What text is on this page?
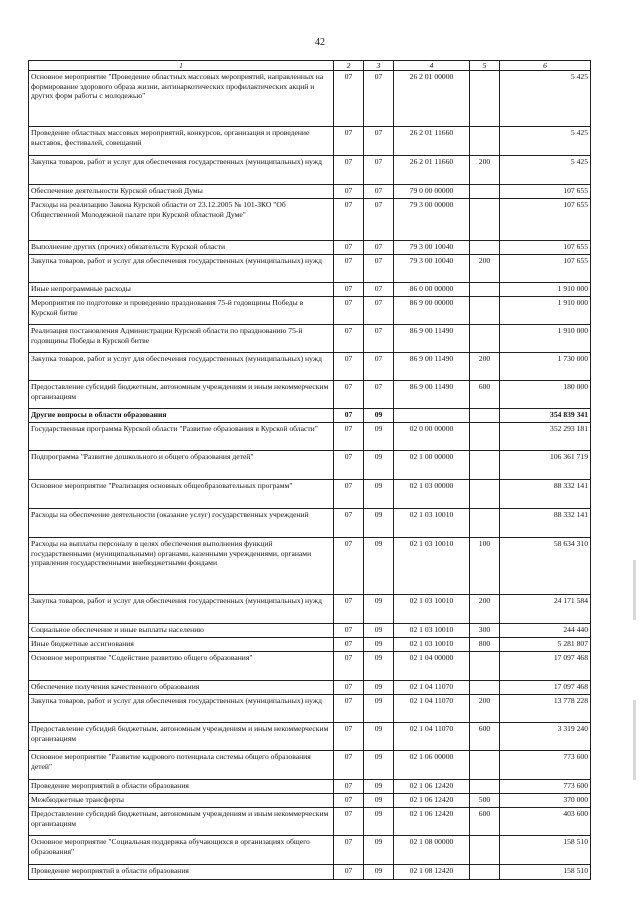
42
1	2	3	4	5	6
Основное мероприятие "Проведение областных массовых мероприятий, направленных на формирование здорового образа жизни, антинаркотических профилактических акций и других форм работы с молодежью"	07	07	26 2 01 00000		5 425
Проведение областных массовых мероприятий, конкурсов, организация и проведение выставок, фестивалей, совещаний	07	07	26 2 01 11660		5 425
Закупка товаров, работ и услуг для обеспечения государственных (муниципальных) нужд	07	07	26 2 01 11660	200	5 425
Обеспечение деятельности Курской областной Думы	07	07	79 0 00 00000		107 655
Расходы на реализацию Закона Курской области от 23.12.2005 № 101-ЗКО "Об Общественной Молодежной палате при Курской областной Думе"	07	07	79 3 00 00000		107 655
Выполнение других (прочих) обязательств Курской области	07	07	79 3 00 10040		107 655
Закупка товаров, работ и услуг для обеспечения государственных (муниципальных) нужд	07	07	79 3 00 10040	200	107 655
Иные непрограммные расходы	07	07	86 0 00 00000		1 910 000
Мероприятия по подготовке и проведению празднования 75-й годовщины Победы в Курской битве	07	07	86 9 00 00000		1 910 000
Реализация постановления Администрации Курской области по празднованию 75-й годовщины Победы в Курской битве	07	07	86 9 00 11490		1 910 000
Закупка товаров, работ и услуг для обеспечения государственных (муниципальных) нужд	07	07	86 9 00 11490	200	1 730 000
Предоставление субсидий бюджетным, автономным учреждениям и иным некоммерческим организациям	07	07	86 9 00 11490	600	180 000
Другие вопросы в области образования	07	09			354 839 341
Государственная программа Курской области "Развитие образования в Курской области"	07	09	02 0 00 00000		352 293 181
Подпрограмма "Развитие дошкольного и общего образования детей"	07	09	02 1 00 00000		106 361 719
Основное мероприятие "Реализация основных общеобразовательных программ"	07	09	02 1 03 00000		88 332 141
Расходы на обеспечение деятельности (оказание услуг) государственных учреждений	07	09	02 1 03 10010		88 332 141
Расходы на выплаты персоналу в целях обеспечения выполнения функций государственными (муниципальными) органами, казенными учреждениями, органами управления государственными внебюджетными фондами	07	09	02 1 03 10010	100	58 634 310
Закупка товаров, работ и услуг для обеспечения государственных (муниципальных) нужд	07	09	02 1 03 10010	200	24 171 584
Социальное обеспечение и иные выплаты населению	07	09	02 1 03 10010	300	244 440
Иные бюджетные ассигнования	07	09	02 1 03 10010	800	5 281 807
Основное мероприятие "Содействие развитию общего образования"	07	09	02 1 04 00000		17 097 468
Обеспечение получения качественного образования	07	09	02 1 04 11070		17 097 468
Закупка товаров, работ и услуг для обеспечения государственных (муниципальных) нужд	07	09	02 1 04 11070	200	13 778 228
Предоставление субсидий бюджетным, автономным учреждениям и иным некоммерческим организациям	07	09	02 1 04 11070	600	3 319 240
Основное мероприятие "Развитие кадрового потенциала системы общего образования детей"	07	09	02 1 06 00000		773 600
Проведение мероприятий в области образования	07	09	02 1 06 12420		773 600
Межбюджетные трансферты	07	09	02 1 06 12420	500	370 000
Предоставление субсидий бюджетным, автономным учреждениям и иным некоммерческим организациям	07	09	02 1 06 12420	600	403 600
Основное мероприятие "Социальная поддержка обучающихся в организациях общего образования"	07	09	02 1 08 00000		158 510
Проведение мероприятий в области образования	07	09	02 1 08 12420		158 510
